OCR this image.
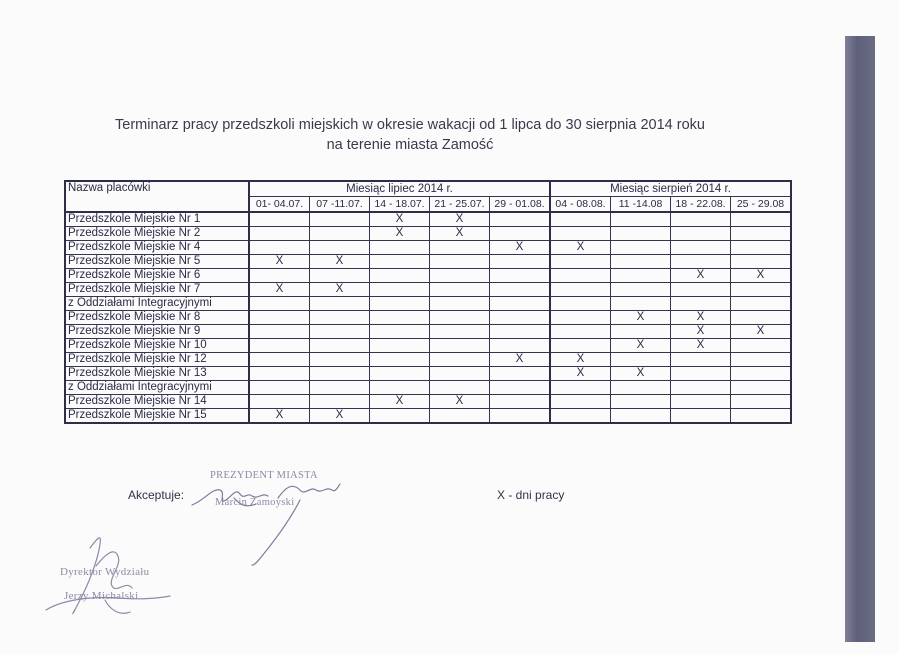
Terminarz pracy przedszkoli miejskich w okresie wakacji od 1 lipca do 30 sierpnia 2014 roku
na terenie miasta Zamość
Nazwa placówki	Miesiąc lipiec 2014 r.					Miesiąc sierpień 2014 r.			
	01- 04.07.	07 -11.07.	14 - 18.07.	21 - 25.07.	29 - 01.08.	04 - 08.08.	11 -14.08	18 - 22.08.	25 - 29.08
Przedszkole Miejskie Nr 1			X	X					
Przedszkole Miejskie Nr 2			X	X					
Przedszkole Miejskie Nr 4					X	X			
Przedszkole Miejskie Nr 5	X	X							
Przedszkole Miejskie Nr 6								X	X
Przedszkole Miejskie Nr 7	X	X							
z Oddziałami Integracyjnymi									
Przedszkole Miejskie Nr 8							X	X	
Przedszkole Miejskie Nr 9								X	X
Przedszkole Miejskie Nr 10							X	X	
Przedszkole Miejskie Nr 12					X	X			
Przedszkole Miejskie Nr 13						X	X		
z Oddziałami Integracyjnymi									
Przedszkole Miejskie Nr 14			X	X					
Przedszkole Miejskie Nr 15	X	X							
Akceptuje:	X - dni pracy
PREZYDENT MIASTA
Marcin Zamoyski
Dyrektor Wydziału
Jerzy Michalski
